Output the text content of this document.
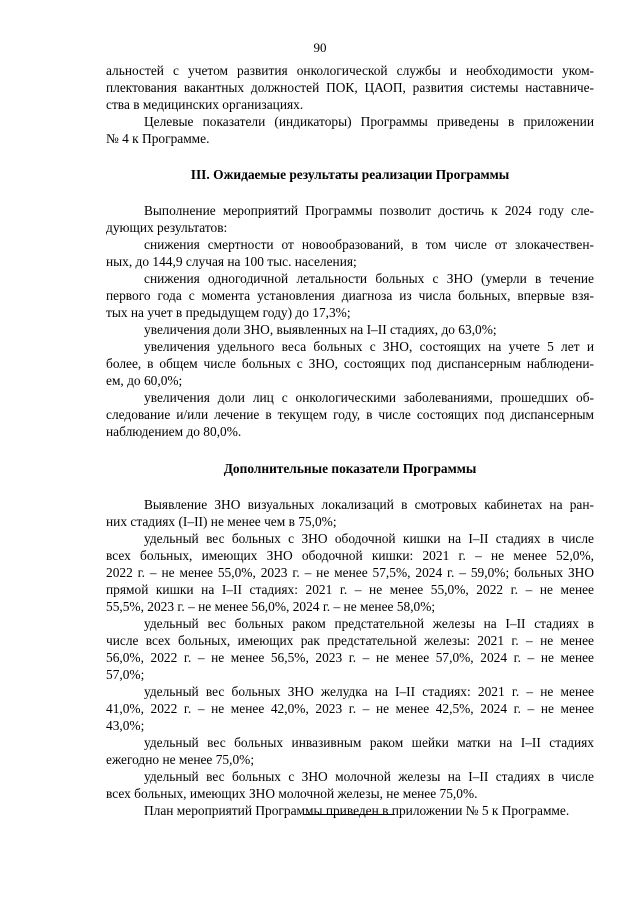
90
альностей с учетом развития онкологической службы и необходимости уком-
плектования вакантных должностей ПОК, ЦАОП, развития системы наставниче-
ства в медицинских организациях.
Целевые показатели (индикаторы) Программы приведены в приложении
№ 4 к Программе.
III. Ожидаемые результаты реализации Программы
Выполнение мероприятий Программы позволит достичь к 2024 году сле-
дующих результатов:
снижения смертности от новообразований, в том числе от злокачествен-
ных, до 144,9 случая на 100 тыс. населения;
снижения одногодичной летальности больных с ЗНО (умерли в течение
первого года с момента установления диагноза из числа больных, впервые взя-
тых на учет в предыдущем году) до 17,3%;
увеличения доли ЗНО, выявленных на I–II стадиях, до 63,0%;
увеличения удельного веса больных с ЗНО, состоящих на учете 5 лет и
более, в общем числе больных с ЗНО, состоящих под диспансерным наблюдени-
ем, до 60,0%;
увеличения доли лиц с онкологическими заболеваниями, прошедших об-
следование и/или лечение в текущем году, в числе состоящих под диспансерным
наблюдением до 80,0%.
Дополнительные показатели Программы
Выявление ЗНО визуальных локализаций в смотровых кабинетах на ран-
них стадиях (I–II) не менее чем в 75,0%;
удельный вес больных с ЗНО ободочной кишки на I–II стадиях в числе
всех больных, имеющих ЗНО ободочной кишки: 2021 г. – не менее 52,0%,
2022 г. – не менее 55,0%, 2023 г. – не менее 57,5%, 2024 г. – 59,0%; больных ЗНО
прямой кишки на I–II стадиях: 2021 г. – не менее 55,0%, 2022 г. – не менее
55,5%, 2023 г. – не менее 56,0%, 2024 г. – не менее 58,0%;
удельный вес больных раком предстательной железы на I–II стадиях в
числе всех больных, имеющих рак предстательной железы: 2021 г. – не менее
56,0%, 2022 г. – не менее 56,5%, 2023 г. – не менее 57,0%, 2024 г. – не менее
57,0%;
удельный вес больных ЗНО желудка на I–II стадиях: 2021 г. – не менее
41,0%, 2022 г. – не менее 42,0%, 2023 г. – не менее 42,5%, 2024 г. – не менее
43,0%;
удельный вес больных инвазивным раком шейки матки на I–II стадиях
ежегодно не менее 75,0%;
удельный вес больных с ЗНО молочной железы на I–II стадиях в числе
всех больных, имеющих ЗНО молочной железы, не менее 75,0%.
План мероприятий Программы приведен в приложении № 5 к Программе.
